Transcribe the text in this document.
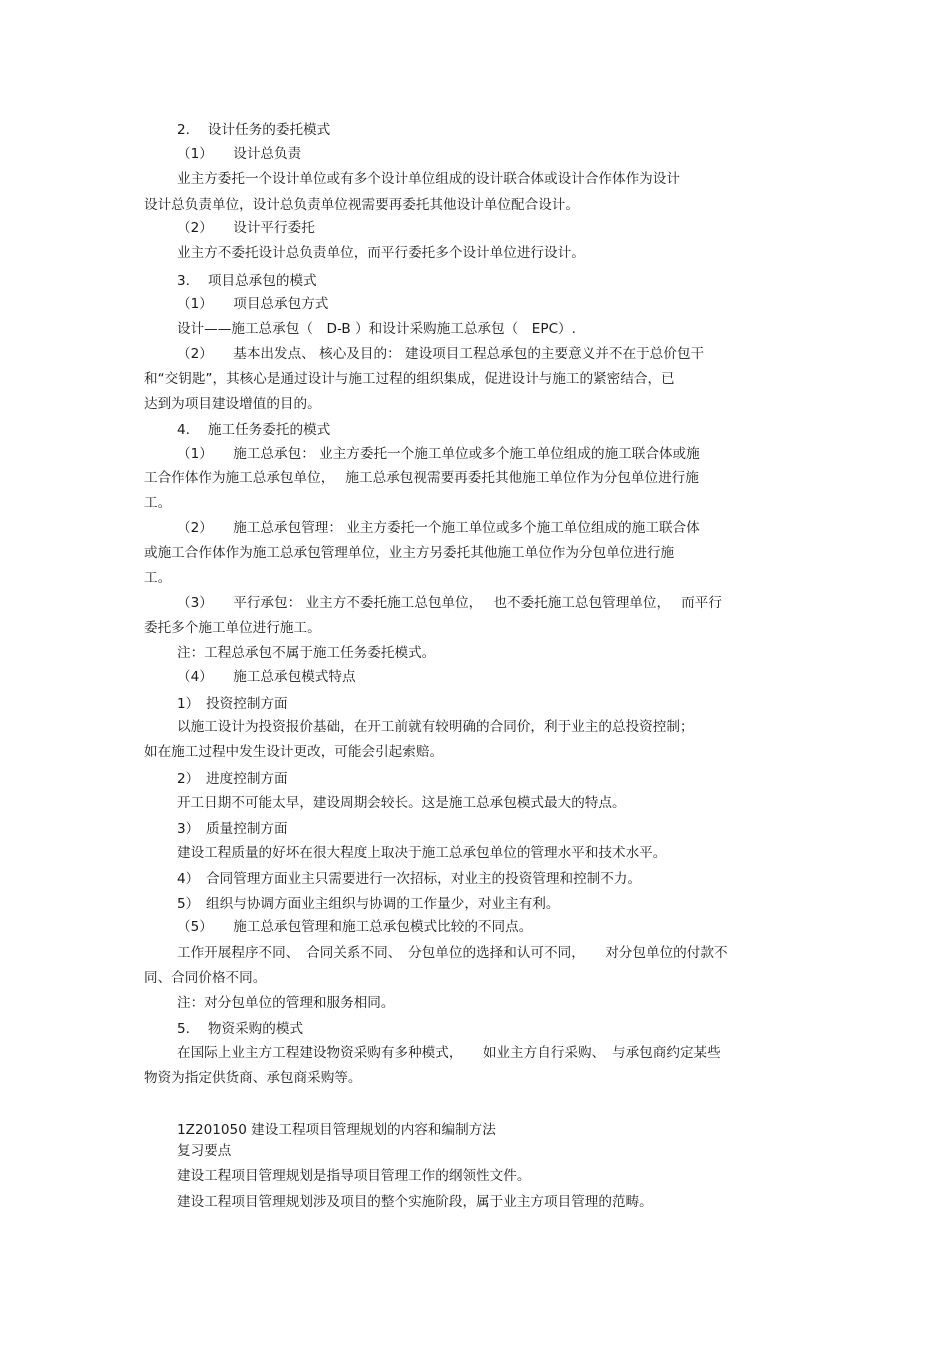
2.　 设计任务的委托模式
（1）　　设计总负责
业主方委托一个设计单位或有多个设计单位组成的设计联合体或设计合作体作为设计
设计总负责单位，设计总负责单位视需要再委托其他设计单位配合设计。
（2）　　设计平行委托
业主方不委托设计总负责单位，而平行委托多个设计单位进行设计。
3.　 项目总承包的模式
（1）　　项目总承包方式
设计——施工总承包（　D-B ）和设计采购施工总承包（　EPC）.
（2）　　基本出发点、 核心及目的： 建设项目工程总承包的主要意义并不在于总价包干
和“交钥匙”，其核心是通过设计与施工过程的组织集成，促进设计与施工的紧密结合，已
达到为项目建设增值的目的。
4.　 施工任务委托的模式
（1）　　施工总承包： 业主方委托一个施工单位或多个施工单位组成的施工联合体或施
工合作体作为施工总承包单位，　 施工总承包视需要再委托其他施工单位作为分包单位进行施
工。
（2）　　施工总承包管理： 业主方委托一个施工单位或多个施工单位组成的施工联合体
或施工合作体作为施工总承包管理单位，业主方另委托其他施工单位作为分包单位进行施
工。
（3）　　平行承包： 业主方不委托施工总包单位，　 也不委托施工总包管理单位，　 而平行
委托多个施工单位进行施工。
注：工程总承包不属于施工任务委托模式。
（4）　　施工总承包模式特点
1）　投资控制方面
以施工设计为投资报价基础，在开工前就有较明确的合同价，利于业主的总投资控制；
如在施工过程中发生设计更改，可能会引起索赔。
2）　进度控制方面
开工日期不可能太早，建设周期会较长。这是施工总承包模式最大的特点。
3）　质量控制方面
建设工程质量的好坏在很大程度上取决于施工总承包单位的管理水平和技术水平。
4）　合同管理方面业主只需要进行一次招标，对业主的投资管理和控制不力。
5）　组织与协调方面业主组织与协调的工作量少，对业主有利。
（5）　　施工总承包管理和施工总承包模式比较的不同点。
工作开展程序不同、　合同关系不同、　分包单位的选择和认可不同，　　对分包单位的付款不
同、合同价格不同。
注：对分包单位的管理和服务相同。
5.　 物资采购的模式
在国际上业主方工程建设物资采购有多种模式，　　如业主方自行采购、　与承包商约定某些
物资为指定供货商、承包商采购等。
1Z201050 建设工程项目管理规划的内容和编制方法
复习要点
建设工程项目管理规划是指导项目管理工作的纲领性文件。
建设工程项目管理规划涉及项目的整个实施阶段，属于业主方项目管理的范畴。
